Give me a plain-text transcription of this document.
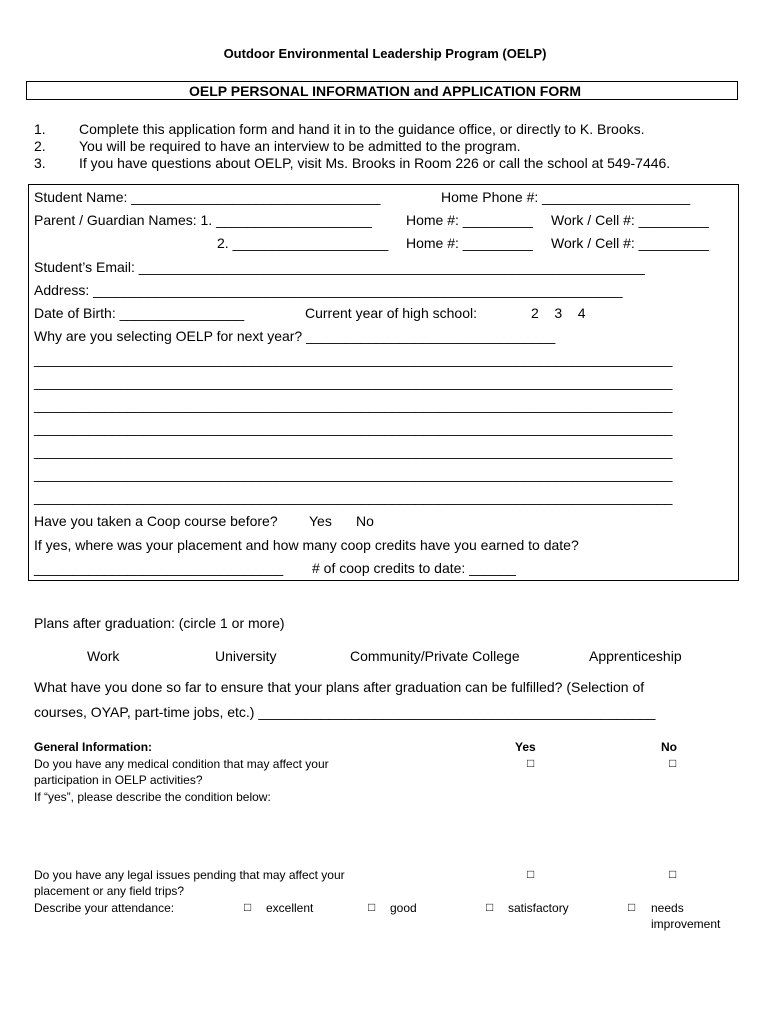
Outdoor Environmental Leadership Program (OELP)
OELP PERSONAL INFORMATION and APPLICATION FORM
1. Complete this application form and hand it in to the guidance office, or directly to K. Brooks.
2. You will be required to have an interview to be admitted to the program.
3. If you have questions about OELP, visit Ms. Brooks in Room 226 or call the school at 549-7446.
Student Name: ________________________________	Home Phone #: ___________________
Parent / Guardian Names: 1. ____________________ Home #: _________ Work / Cell #: _________
2. ____________________ Home #: _________ Work / Cell #: _________
Student’s Email: _________________________________________________________________
Address: ____________________________________________________________________
Date of Birth: ________________	Current year of high school:	2    3    4
Why are you selecting OELP for next year? ________________________________
__________________________________________________________________________________
__________________________________________________________________________________
__________________________________________________________________________________
__________________________________________________________________________________
__________________________________________________________________________________
__________________________________________________________________________________
__________________________________________________________________________________
Have you taken a Coop course before? Yes No
If yes, where was your placement and how many coop credits have you earned to date?
________________________________ # of coop credits to date: ______
Plans after graduation: (circle 1 or more)
Work	University	Community/Private College	Apprenticeship
What have you done so far to ensure that your plans after graduation can be fulfilled? (Selection of
courses, OYAP, part-time jobs, etc.) ___________________________________________________
General Information:	Yes	No
Do you have any medical condition that may affect your	□	□
participation in OELP activities?
If “yes”, please describe the condition below:
Do you have any legal issues pending that may affect your	□	□
placement or any field trips?
Describe your attendance:	□ excellent	□ good	□ satisfactory	□ needs
improvement
